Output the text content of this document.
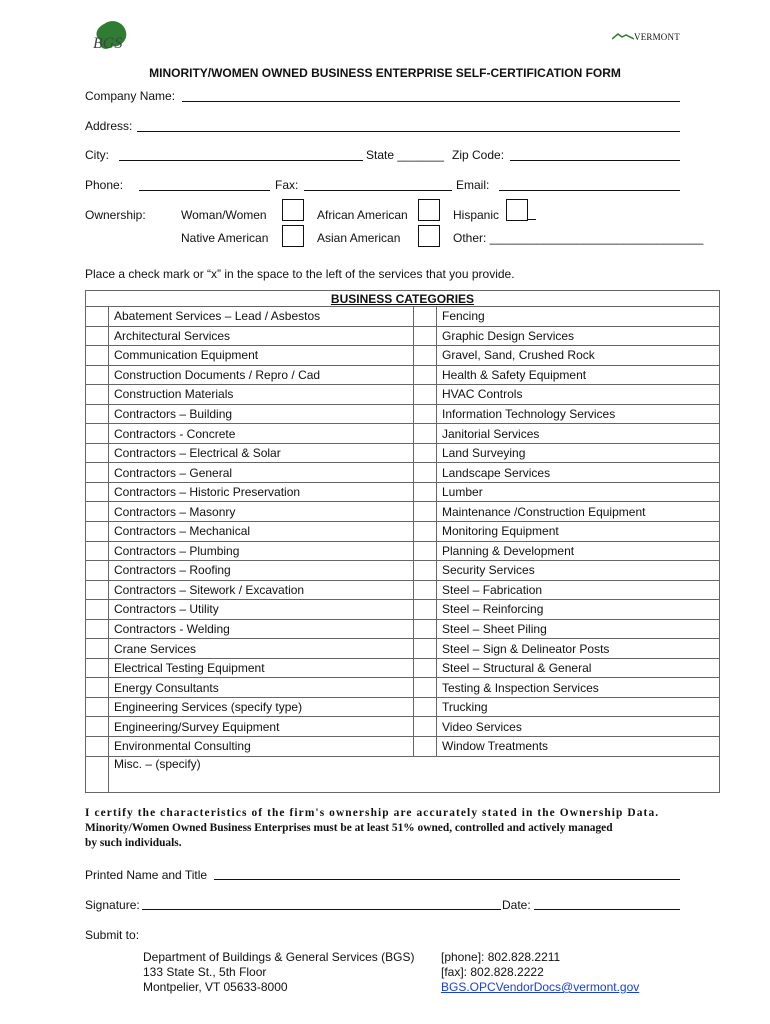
BGS	VERMONT
MINORITY/WOMEN OWNED BUSINESS ENTERPRISE SELF-CERTIFICATION FORM
Company Name:
Address:
City:	State _______ Zip Code:
Phone:	Fax:	Email:
Ownership:	Woman/Women	African American	Hispanic
Native American	Asian American	Other: ________________________________
Place a check mark or “x” in the space to the left of the services that you provide.
BUSINESS CATEGORIES			
	Abatement Services – Lead / Asbestos		Fencing
	Architectural Services		Graphic Design Services
	Communication Equipment		Gravel, Sand, Crushed Rock
	Construction Documents / Repro / Cad		Health & Safety Equipment
	Construction Materials		HVAC Controls
	Contractors – Building		Information Technology Services
	Contractors - Concrete		Janitorial Services
	Contractors – Electrical & Solar		Land Surveying
	Contractors – General		Landscape Services
	Contractors – Historic Preservation		Lumber
	Contractors – Masonry		Maintenance /Construction Equipment
	Contractors – Mechanical		Monitoring Equipment
	Contractors – Plumbing		Planning & Development
	Contractors – Roofing		Security Services
	Contractors – Sitework / Excavation		Steel – Fabrication
	Contractors – Utility		Steel – Reinforcing
	Contractors - Welding		Steel – Sheet Piling
	Crane Services		Steel – Sign & Delineator Posts
	Electrical Testing Equipment		Steel – Structural & General
	Energy Consultants		Testing & Inspection Services
	Engineering Services (specify type)		Trucking
	Engineering/Survey Equipment		Video Services
	Environmental Consulting		Window Treatments
	Misc. – (specify)		
I certify the characteristics of the firm's ownership are accurately stated in the Ownership Data.
Minority/Women Owned Business Enterprises must be at least 51% owned, controlled and actively managed
by such individuals.
Printed Name and Title
Signature:	Date:
Submit to:
Department of Buildings & General Services (BGS)
133 State St., 5th Floor
Montpelier, VT 05633-8000
[phone]: 802.828.2211
[fax]: 802.828.2222
BGS.OPCVendorDocs@vermont.gov
